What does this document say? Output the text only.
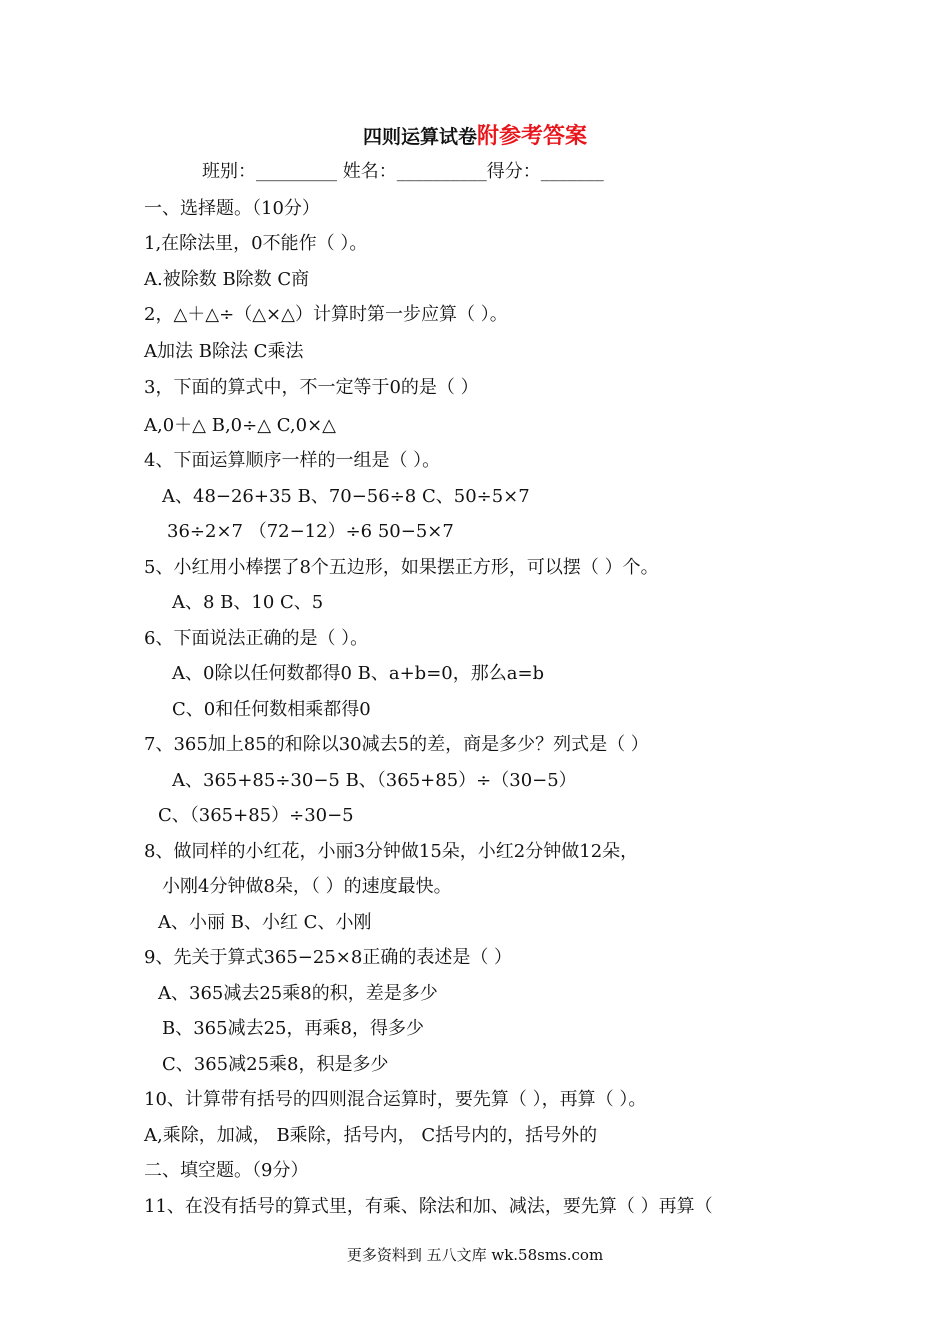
四则运算试卷附参考答案
班别：_________ 姓名：__________得分：_______
一、选择题。（10分）
1,在除法里，0不能作（ ）。
A.被除数 B除数 C商
2，△＋△÷（△×△）计算时第一步应算（ ）。
A加法 B除法 C乘法
3，下面的算式中，不一定等于0的是（ ）
A,0＋△ B,0÷△ C,0×△
4、下面运算顺序一样的一组是（ ）。
A、48−26+35 B、70−56÷8 C、50÷5×7
36÷2×7 （72−12）÷6 50−5×7
5、小红用小棒摆了8个五边形，如果摆正方形，可以摆（ ）个。
A、8 B、10 C、5
6、下面说法正确的是（ ）。
A、0除以任何数都得0 B、a+b=0，那么a=b
C、0和任何数相乘都得0
7、365加上85的和除以30减去5的差，商是多少？列式是（ ）
A、365+85÷30−5 B、（365+85）÷（30−5）
C、（365+85）÷30−5
8、做同样的小红花，小丽3分钟做15朵，小红2分钟做12朵，
小刚4分钟做8朵，（ ）的速度最快。
A、小丽 B、小红 C、小刚
9、先关于算式365−25×8正确的表述是（ ）
A、365减去25乘8的积，差是多少
B、365减去25，再乘8，得多少
C、365减25乘8，积是多少
10、计算带有括号的四则混合运算时，要先算（ ），再算（ ）。
A,乘除，加减， B乘除，括号内， C括号内的，括号外的
二、填空题。（9分）
11、在没有括号的算式里，有乘、除法和加、减法，要先算（ ）再算（
更多资料到 五八文库 wk.58sms.com
